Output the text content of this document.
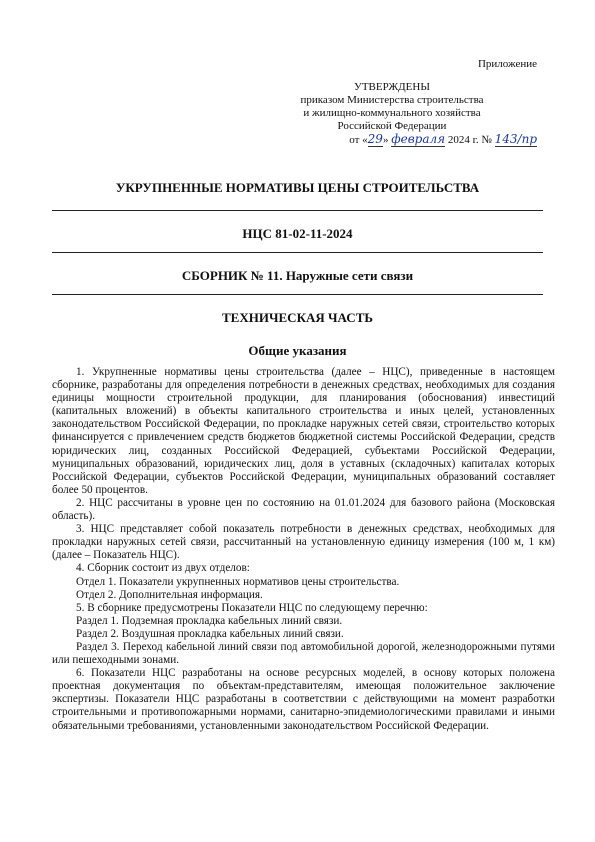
Приложение
УТВЕРЖДЕНЫ
приказом Министерства строительства
и жилищно-коммунального хозяйства
Российской Федерации
от «29» февраля 2024 г. № 143/пр
УКРУПНЕННЫЕ НОРМАТИВЫ ЦЕНЫ СТРОИТЕЛЬСТВА
НЦС 81-02-11-2024
СБОРНИК № 11. Наружные сети связи
ТЕХНИЧЕСКАЯ ЧАСТЬ
Общие указания

1. Укрупненные нормативы цены строительства (далее – НЦС), приведенные в настоящем сборнике, разработаны для определения потребности в денежных средствах, необходимых для создания единицы мощности строительной продукции, для планирования (обоснования) инвестиций (капитальных вложений) в объекты капитального строительства и иных целей, установленных законодательством Российской Федерации, по прокладке наружных сетей связи, строительство которых финансируется с привлечением средств бюджетов бюджетной системы Российской Федерации, средств юридических лиц, созданных Российской Федерацией, субъектами Российской Федерации, муниципальных образований, юридических лиц, доля в уставных (складочных) капиталах которых Российской Федерации, субъектов Российской Федерации, муниципальных образований составляет более 50 процентов.

2. НЦС рассчитаны в уровне цен по состоянию на 01.01.2024 для базового района (Московская область).

3. НЦС представляет собой показатель потребности в денежных средствах, необходимых для прокладки наружных сетей связи, рассчитанный на установленную единицу измерения (100 м, 1 км) (далее – Показатель НЦС).

4. Сборник состоит из двух отделов:

Отдел 1. Показатели укрупненных нормативов цены строительства.

Отдел 2. Дополнительная информация.

5. В сборнике предусмотрены Показатели НЦС по следующему перечню:

Раздел 1. Подземная прокладка кабельных линий связи.

Раздел 2. Воздушная прокладка кабельных линий связи.

Раздел 3. Переход кабельной линий связи под автомобильной дорогой, железнодорожными путями или пешеходными зонами.

6. Показатели НЦС разработаны на основе ресурсных моделей, в основу которых положена проектная документация по объектам-представителям, имеющая положительное заключение экспертизы. Показатели НЦС разработаны в соответствии с действующими на момент разработки строительными и противопожарными нормами, санитарно-эпидемиологическими правилами и иными обязательными требованиями, установленными законодательством Российской Федерации.
